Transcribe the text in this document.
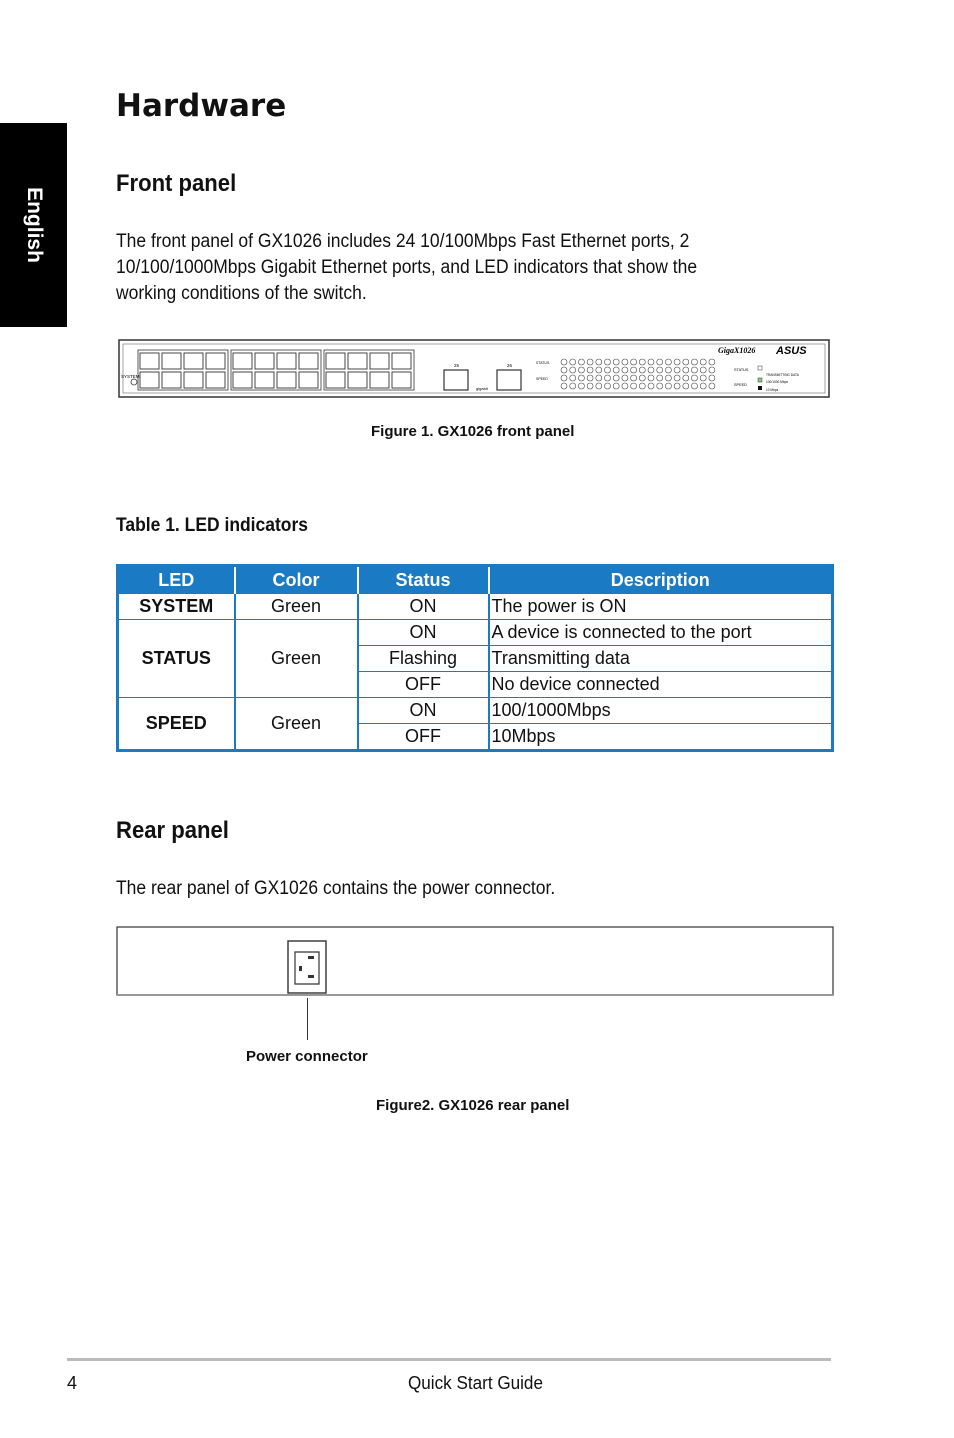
English
Hardware
Front panel
The front panel of GX1026 includes 24 10/100Mbps Fast Ethernet ports, 2
10/100/1000Mbps Gigabit Ethernet ports, and LED indicators that show the
working conditions of the switch.
SYSTEM
25	26
gigabit
STATUS
SPEED
STATUS
SPEED
TRANSMITTING DATA
100/1000 Mbps
10 Mbps
GigaX1026 ASUS
Figure 1. GX1026 front panel
Table 1. LED indicators
LED	Color	Status	Description
SYSTEM	Green	ON	The power is ON
STATUS	Green	ON	A device is connected to the port
		Flashing	Transmitting data
		OFF	No device connected
SPEED	Green	ON	100/1000Mbps
		OFF	10Mbps
Rear panel
The rear panel of GX1026 contains the power connector.
Power connector
Figure2. GX1026 rear panel
4	Quick Start Guide
